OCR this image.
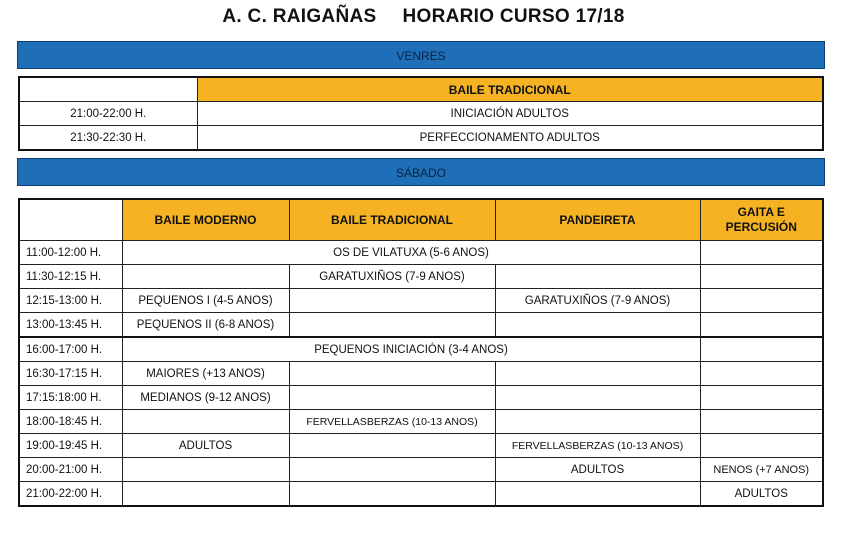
A. C. RAIGAÑAS HORARIO CURSO 17/18
VENRES
	BAILE TRADICIONAL
21:00-22:00 H.	INICIACIÓN ADULTOS
21:30-22:30 H.	PERFECCIONAMENTO ADULTOS
SÁBADO
	BAILE MODERNO	BAILE TRADICIONAL	PANDEIRETA	GAITA E PERCUSIÓN
11:00-12:00 H.	OS DE VILATUXA (5-6 ANOS)			
11:30-12:15 H.		GARATUXIÑOS (7-9 ANOS)		
12:15-13:00 H.	PEQUENOS I (4-5 ANOS)		GARATUXIÑOS (7-9 ANOS)	
13:00-13:45 H.	PEQUENOS II (6-8 ANOS)			
16:00-17:00 H.	PEQUENOS INICIACIÓN (3-4 ANOS)			
16:30-17:15 H.	MAIORES (+13 ANOS)			
17:15:18:00 H.	MEDIANOS (9-12 ANOS)			
18:00-18:45 H.		FERVELLASBERZAS (10-13 ANOS)		
19:00-19:45 H.	ADULTOS		FERVELLASBERZAS (10-13 ANOS)	
20:00-21:00 H.			ADULTOS	NENOS (+7 ANOS)
21:00-22:00 H.				ADULTOS
